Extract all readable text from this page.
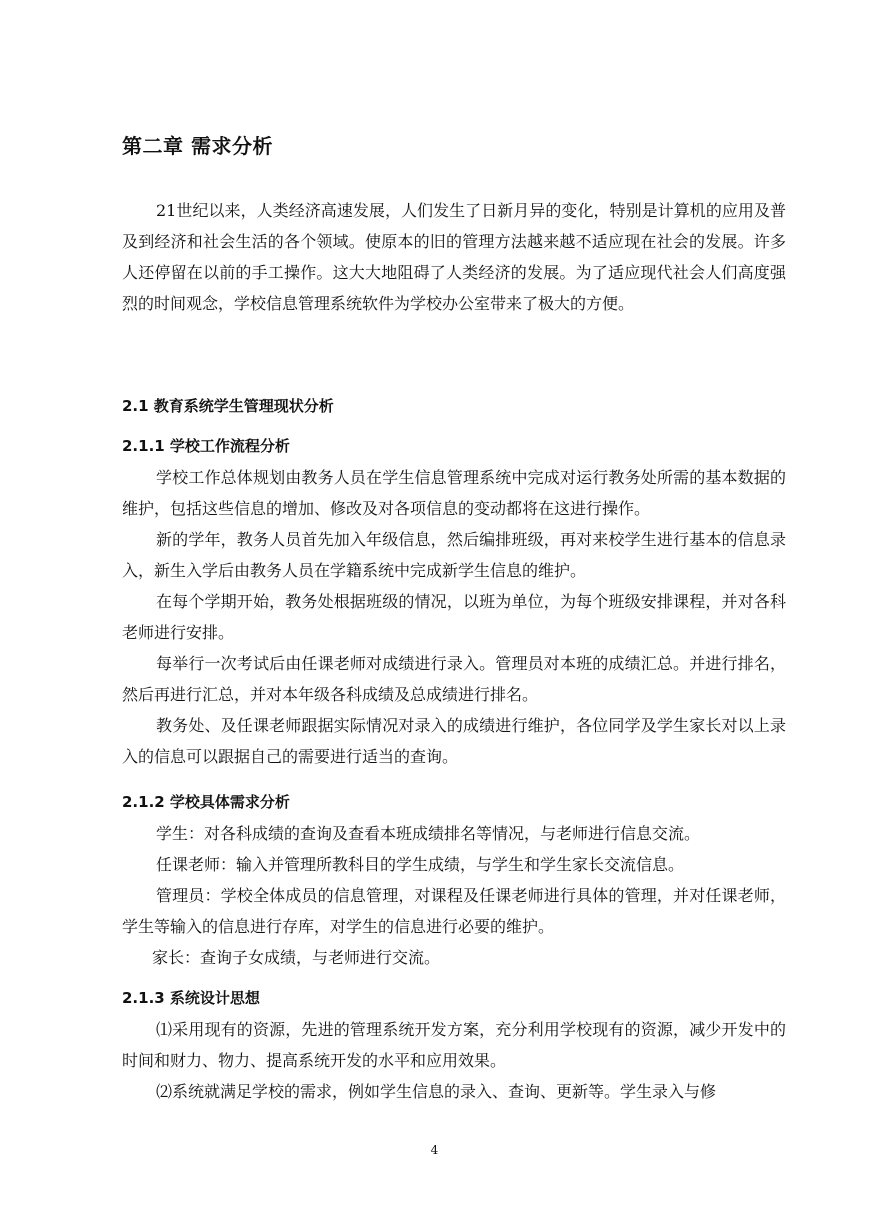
第二章 需求分析

21世纪以来，人类经济高速发展，人们发生了日新月异的变化，特别是计算机的应用及普及到经济和社会生活的各个领域。使原本的旧的管理方法越来越不适应现在社会的发展。许多人还停留在以前的手工操作。这大大地阻碍了人类经济的发展。为了适应现代社会人们高度强烈的时间观念，学校信息管理系统软件为学校办公室带来了极大的方便。

2.1 教育系统学生管理现状分析
2.1.1 学校工作流程分析

学校工作总体规划由教务人员在学生信息管理系统中完成对运行教务处所需的基本数据的维护，包括这些信息的增加、修改及对各项信息的变动都将在这进行操作。

新的学年，教务人员首先加入年级信息，然后编排班级，再对来校学生进行基本的信息录入，新生入学后由教务人员在学籍系统中完成新学生信息的维护。

在每个学期开始，教务处根据班级的情况，以班为单位，为每个班级安排课程，并对各科老师进行安排。

每举行一次考试后由任课老师对成绩进行录入。管理员对本班的成绩汇总。并进行排名，然后再进行汇总，并对本年级各科成绩及总成绩进行排名。

教务处、及任课老师跟据实际情况对录入的成绩进行维护，各位同学及学生家长对以上录入的信息可以跟据自己的需要进行适当的查询。

2.1.2 学校具体需求分析

学生：对各科成绩的查询及查看本班成绩排名等情况，与老师进行信息交流。

任课老师：输入并管理所教科目的学生成绩，与学生和学生家长交流信息。

管理员：学校全体成员的信息管理，对课程及任课老师进行具体的管理，并对任课老师，学生等输入的信息进行存库，对学生的信息进行必要的维护。

家长：查询子女成绩，与老师进行交流。

2.1.3 系统设计思想

⑴采用现有的资源，先进的管理系统开发方案，充分利用学校现有的资源，减少开发中的时间和财力、物力、提高系统开发的水平和应用效果。

⑵系统就满足学校的需求，例如学生信息的录入、查询、更新等。学生录入与修

4
